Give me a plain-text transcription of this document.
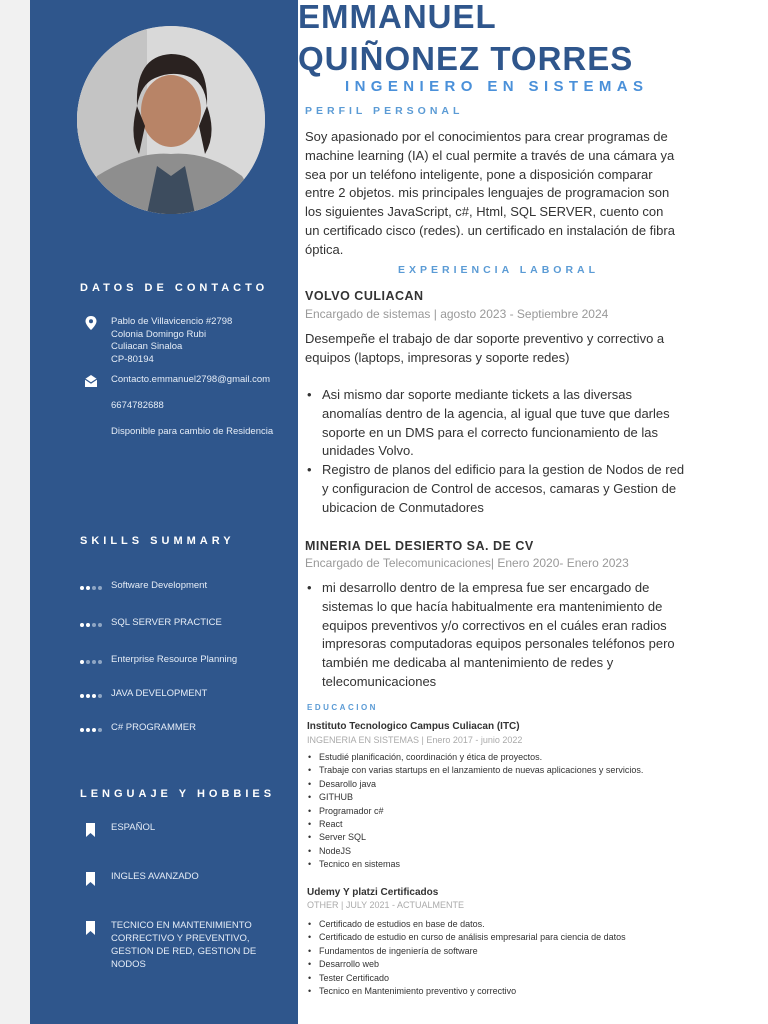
DATOS DE CONTACTO
Pablo de Villavicencio #2798
Colonia Domingo Rubi
Culiacan Sinaloa
CP-80194
Contacto.emmanuel2798@gmail.com
6674782688
Disponible para cambio de Residencia
SKILLS SUMMARY
Software Development
SQL SERVER PRACTICE
Enterprise Resource Planning
JAVA DEVELOPMENT
C# PROGRAMMER
LENGUAJE Y HOBBIES
ESPAÑOL
INGLES AVANZADO
TECNICO EN MANTENIMIENTO
CORRECTIVO Y PREVENTIVO,
GESTION DE RED, GESTION DE
NODOS
EMMANUEL
QUIÑONEZ TORRES
INGENIERO EN SISTEMAS
PERFIL PERSONAL

Soy apasionado por el conocimientos para crear programas de machine learning (IA) el cual permite a través de una cámara ya sea por un teléfono inteligente, pone a disposición comparar entre 2 objetos. mis principales lenguajes de programacion son los siguientes JavaScript, c#, Html, SQL SERVER, cuento con un certificado cisco (redes). un certificado en instalación de fibra óptica.

EXPERIENCIA LABORAL
VOLVO CULIACAN

Encargado de sistemas | agosto 2023 - Septiembre 2024

Desempeñe el trabajo de dar soporte preventivo y correctivo a equipos (laptops, impresoras y soporte redes)

• Asi mismo dar soporte mediante tickets a las diversas anomalías dentro de la agencia, al igual que tuve que darles soporte en un DMS para el correcto funcionamiento de las unidades Volvo.
• Registro de planos del edificio para la gestion de Nodos de red y configuracion de Control de accesos, camaras y Gestion de ubicacion de Conmutadores
MINERIA DEL DESIERTO SA. DE CV

Encargado de Telecomunicaciones| Enero 2020- Enero 2023

• mi desarrollo dentro de la empresa fue ser encargado de sistemas lo que hacía habitualmente era mantenimiento de equipos preventivos y/o correctivos en el cuáles eran radios impresoras computadoras equipos personales teléfonos pero también me dedicaba al mantenimiento de redes y telecomunicaciones
EDUCACION
Instituto Tecnologico Campus Culiacan (ITC)

INGENERIA EN SISTEMAS | Enero 2017 - junio 2022

• Estudié planificación, coordinación y ética de proyectos.
• Trabaje con varias startups en el lanzamiento de nuevas aplicaciones y servicios.
• Desarollo java
• GITHUB
• Programador c#
• React
• Server SQL
• NodeJS
• Tecnico en sistemas
Udemy Y platzi Certificados

OTHER | JULY 2021 - ACTUALMENTE

• Certificado de estudios en base de datos.
• Certificado de estudio en curso de análisis empresarial para ciencia de datos
• Fundamentos de ingeniería de software
• Desarrollo web
• Tester Certificado
• Tecnico en Mantenimiento preventivo y correctivo
